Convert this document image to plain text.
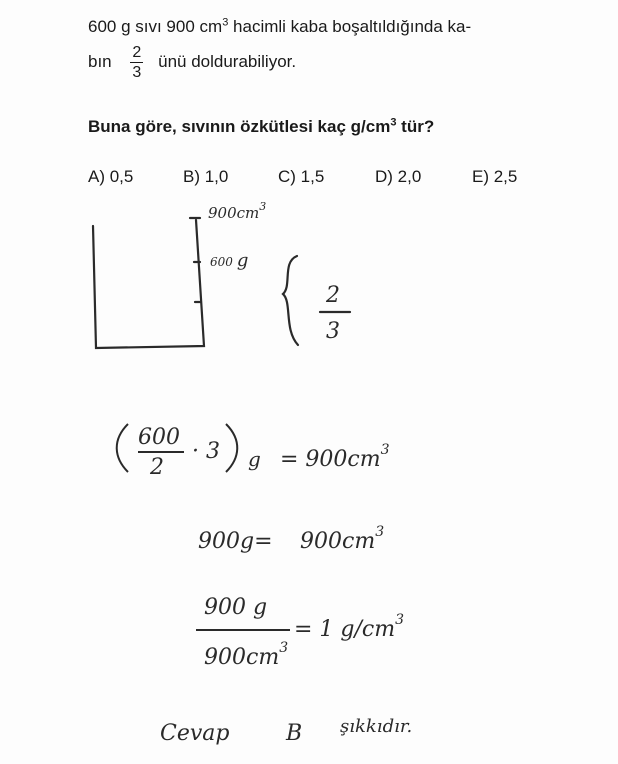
600 g sıvı 900 $cm^3$ hacimli kaba boşaltıldığında ka-
bın $\frac{2}{3}$ ünü doldurabiliyor.
Buna göre, sıvının özkütlesi kaç $g/cm^3$ tür?
A) 0,5	B) 1,0	C) 1,5	D) 2,0	E) 2,5
$900cm^3$
600 g
2
3
600
2
· 3 $g = 900cm^3$
$900g= 900cm^3$
900 g
$900cm^3$
= 1 $g/cm^3$
Cevap	B şıkkıdır.
